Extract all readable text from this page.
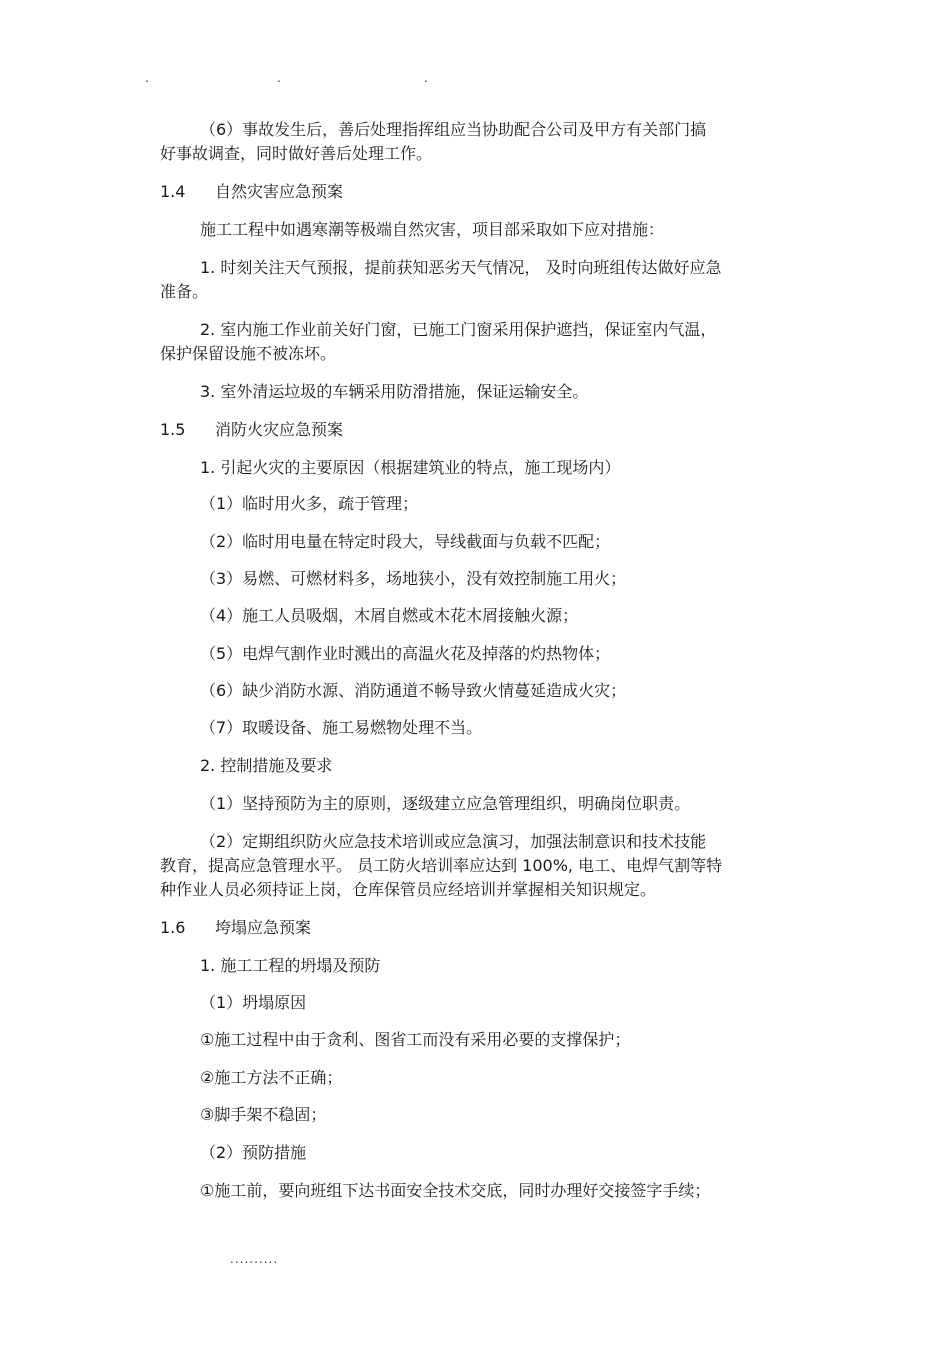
.	.	.
（6）事故发生后，善后处理指挥组应当协助配合公司及甲方有关部门搞
好事故调查，同时做好善后处理工作。
1.4 自然灾害应急预案
施工工程中如遇寒潮等极端自然灾害，项目部采取如下应对措施：
1. 时刻关注天气预报，提前获知恶劣天气情况， 及时向班组传达做好应急
准备。
2. 室内施工作业前关好门窗，已施工门窗采用保护遮挡，保证室内气温，
保护保留设施不被冻坏。
3. 室外清运垃圾的车辆采用防滑措施，保证运输安全。
1.5 消防火灾应急预案
1. 引起火灾的主要原因（根据建筑业的特点，施工现场内）
（1）临时用火多，疏于管理；
（2）临时用电量在特定时段大，导线截面与负载不匹配；
（3）易燃、可燃材料多，场地狭小，没有效控制施工用火；
（4）施工人员吸烟，木屑自燃或木花木屑接触火源；
（5）电焊气割作业时溅出的高温火花及掉落的灼热物体；
（6）缺少消防水源、消防通道不畅导致火情蔓延造成火灾；
（7）取暖设备、施工易燃物处理不当。
2. 控制措施及要求
（1）坚持预防为主的原则，逐级建立应急管理组织，明确岗位职责。
（2）定期组织防火应急技术培训或应急演习，加强法制意识和技术技能
教育，提高应急管理水平。 员工防火培训率应达到 100%, 电工、电焊气割等特
种作业人员必须持证上岗，仓库保管员应经培训并掌握相关知识规定。
1.6 垮塌应急预案
1. 施工工程的坍塌及预防
（1）坍塌原因
①施工过程中由于贪利、图省工而没有采用必要的支撑保护；
②施工方法不正确；
③脚手架不稳固；
（2）预防措施
①施工前，要向班组下达书面安全技术交底，同时办理好交接签字手续；
..........
